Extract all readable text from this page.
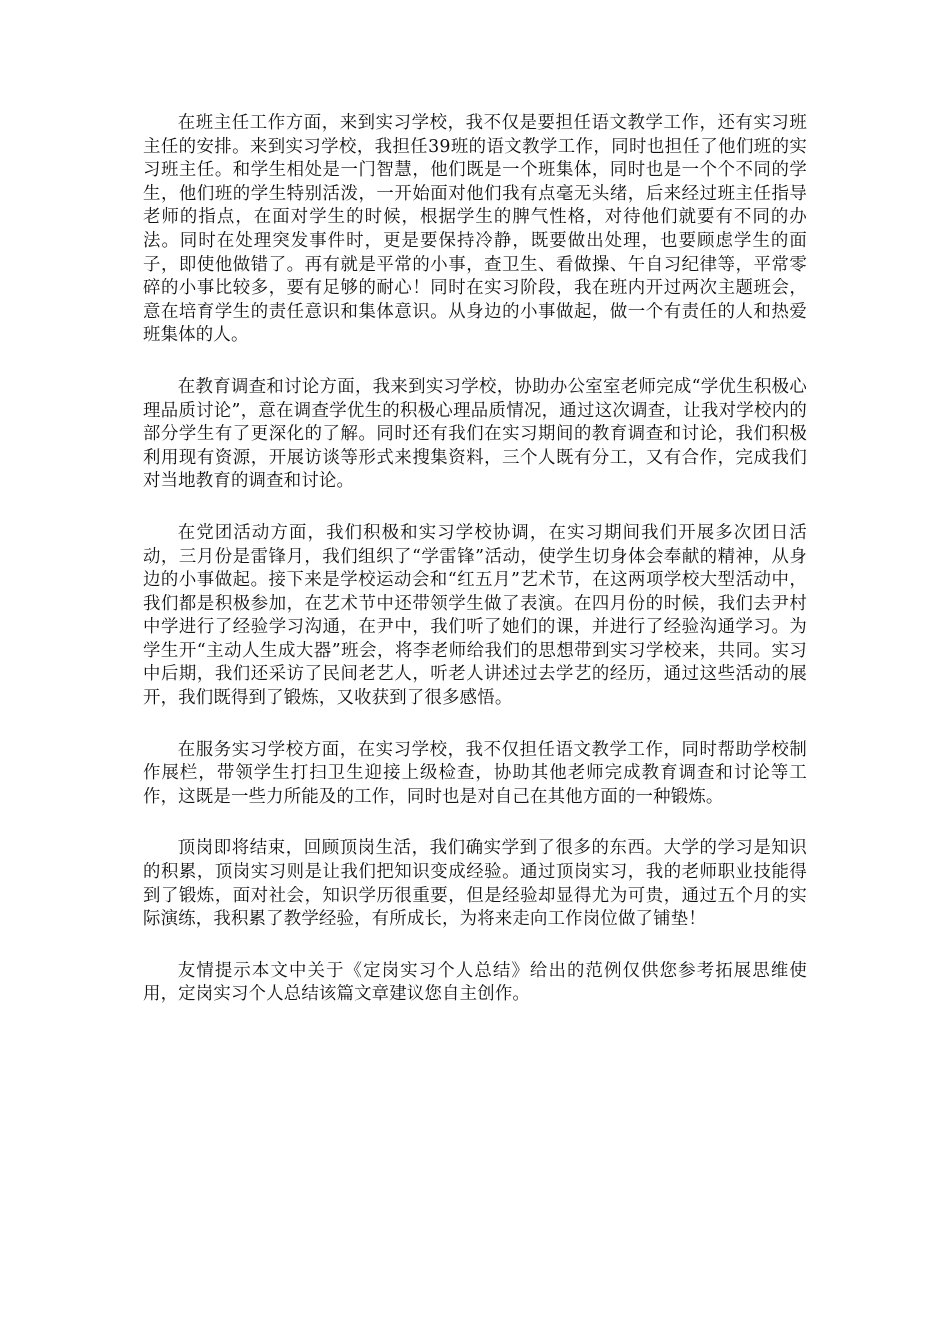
在班主任工作方面，来到实习学校，我不仅是要担任语文教学工作，还有实习班主任的安排。来到实习学校，我担任39班的语文教学工作，同时也担任了他们班的实习班主任。和学生相处是一门智慧，他们既是一个班集体，同时也是一个个不同的学生，他们班的学生特别活泼，一开始面对他们我有点毫无头绪，后来经过班主任指导老师的指点，在面对学生的时候，根据学生的脾气性格，对待他们就要有不同的办法。同时在处理突发事件时，更是要保持冷静，既要做出处理，也要顾虑学生的面子，即使他做错了。再有就是平常的小事，查卫生、看做操、午自习纪律等，平常零碎的小事比较多，要有足够的耐心！同时在实习阶段，我在班内开过两次主题班会，意在培育学生的责任意识和集体意识。从身边的小事做起，做一个有责任的人和热爱班集体的人。

在教育调查和讨论方面，我来到实习学校，协助办公室室老师完成“学优生积极心理品质讨论”，意在调查学优生的积极心理品质情况，通过这次调查，让我对学校内的部分学生有了更深化的了解。同时还有我们在实习期间的教育调查和讨论，我们积极利用现有资源，开展访谈等形式来搜集资料，三个人既有分工，又有合作，完成我们对当地教育的调查和讨论。

在党团活动方面，我们积极和实习学校协调，在实习期间我们开展多次团日活动，三月份是雷锋月，我们组织了“学雷锋”活动，使学生切身体会奉献的精神，从身边的小事做起。接下来是学校运动会和“红五月”艺术节，在这两项学校大型活动中，我们都是积极参加，在艺术节中还带领学生做了表演。在四月份的时候，我们去尹村中学进行了经验学习沟通，在尹中，我们听了她们的课，并进行了经验沟通学习。为学生开“主动人生成大器”班会，将李老师给我们的思想带到实习学校来，共同。实习中后期，我们还采访了民间老艺人，听老人讲述过去学艺的经历，通过这些活动的展开，我们既得到了锻炼，又收获到了很多感悟。

在服务实习学校方面，在实习学校，我不仅担任语文教学工作，同时帮助学校制作展栏，带领学生打扫卫生迎接上级检查，协助其他老师完成教育调查和讨论等工作，这既是一些力所能及的工作，同时也是对自己在其他方面的一种锻炼。

顶岗即将结束，回顾顶岗生活，我们确实学到了很多的东西。大学的学习是知识的积累，顶岗实习则是让我们把知识变成经验。通过顶岗实习，我的老师职业技能得到了锻炼，面对社会，知识学历很重要，但是经验却显得尤为可贵，通过五个月的实际演练，我积累了教学经验，有所成长，为将来走向工作岗位做了铺垫！

友情提示本文中关于《定岗实习个人总结》给出的范例仅供您参考拓展思维使用，定岗实习个人总结该篇文章建议您自主创作。
